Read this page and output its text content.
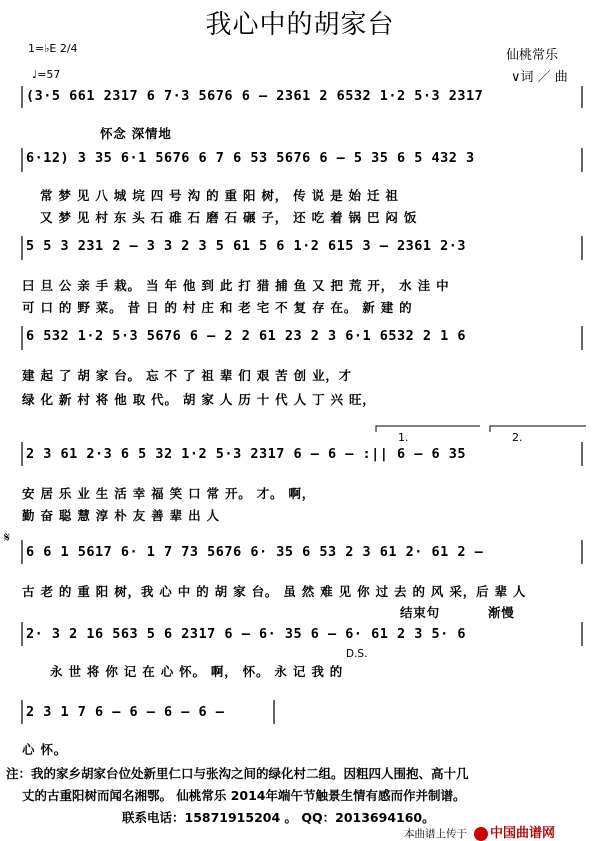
我心中的胡家台
仙桃常乐
∨词 ／ 曲
1=♭E 2/4
♩=57
(3·5 661 2317 6 7·3 5676 6 – 2361 2 6532 1·2 5·3 2317
怀念 深情地
6·12) 3 35 6·1 5676 6 7 6 53 5676 6 – 5 35 6 5 432 3
常 梦 见 八 城 垸 四 号 沟 的 重 阳 树， 传 说 是 始 迁 祖
又 梦 见 村 东 头 石 碓 石 磨 石 碾 子， 还 吃 着 锅 巴 闷 饭
5 5 3 231 2 – 3 3 2 3 5 61 5 6 1·2 615 3 – 2361 2·3
曰 旦 公 亲 手 栽。 当 年 他 到 此 打 猎 捕 鱼 又 把 荒 开， 水 洼 中
可 口 的 野 菜。 昔 日 的 村 庄 和 老 宅 不 复 存 在。 新 建 的
6 532 1·2 5·3 5676 6 – 2 2 61 23 2 3 6·1 6532 2 1 6
建 起 了 胡 家 台。 忘 不 了 祖 辈 们 艰 苦 创 业，才
绿 化 新 村 将 他 取 代。 胡 家 人 历 十 代 人 丁 兴 旺，
1.	2.
2 3 61 2·3 6 5 32 1·2 5·3 2317 6 – 6 – :|| 6 – 6 35
安 居 乐 业 生 活 幸 福 笑 口 常 开。 才。 啊，
勤 奋 聪 慧 淳 朴 友 善 辈 出 人
𝄋
6 6 1 5617 6· 1 7 73 5676 6· 35 6 53 2 3 61 2· 61 2 –
古 老 的 重 阳 树，我 心 中 的 胡 家 台。 虽 然 难 见 你 过 去 的 风 采，后 辈 人
结束句	渐慢
2· 3 2 16 563 5 6 2317 6 – 6· 35 6 – 6· 61 2 3 5· 6
D.S.
永 世 将 你 记 在 心 怀。 啊， 怀。 永 记 我 的
2 3 1 7 6 – 6 – 6 – 6 –
心 怀。
注：我的家乡胡家台位处新里仁口与张沟之间的绿化村二组。因粗四人围抱、高十几
丈的古重阳树而闻名湘鄂。 仙桃常乐 2014年端午节触景生情有感而作并制谱。
联系电话：15871915204 。 QQ：2013694160。
本曲谱上传于	中国曲谱网
